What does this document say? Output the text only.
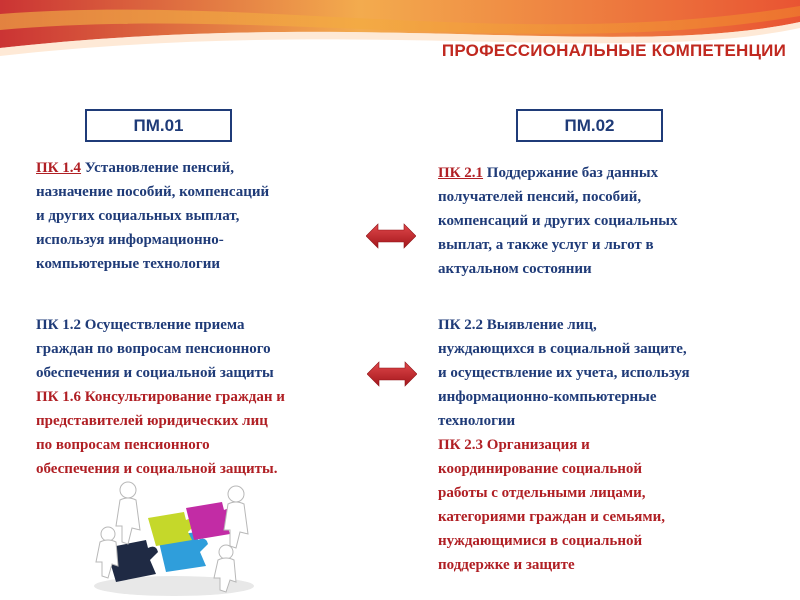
ПРОФЕССИОНАЛЬНЫЕ КОМПЕТЕНЦИИ
ПМ.01	ПМ.02
ПК 1.4 Установление пенсий,
назначение пособий, компенсаций
и других социальных выплат,
используя информационно-
компьютерные технологии
ПК 2.1 Поддержание баз данных
получателей пенсий, пособий,
компенсаций и других социальных
выплат, а также услуг и льгот в
актуальном состоянии
ПК 1.2 Осуществление приема
граждан по вопросам пенсионного
обеспечения и социальной защиты
ПК 1.6 Консультирование граждан и
представителей юридических лиц
по вопросам пенсионного
обеспечения и социальной защиты.
ПК 2.2 Выявление лиц,
нуждающихся в социальной защите,
и осуществление их учета, используя
информационно-компьютерные
технологии
ПК 2.3 Организация и
координирование социальной
работы с отдельными лицами,
категориями граждан и семьями,
нуждающимися в социальной
поддержке и защите
